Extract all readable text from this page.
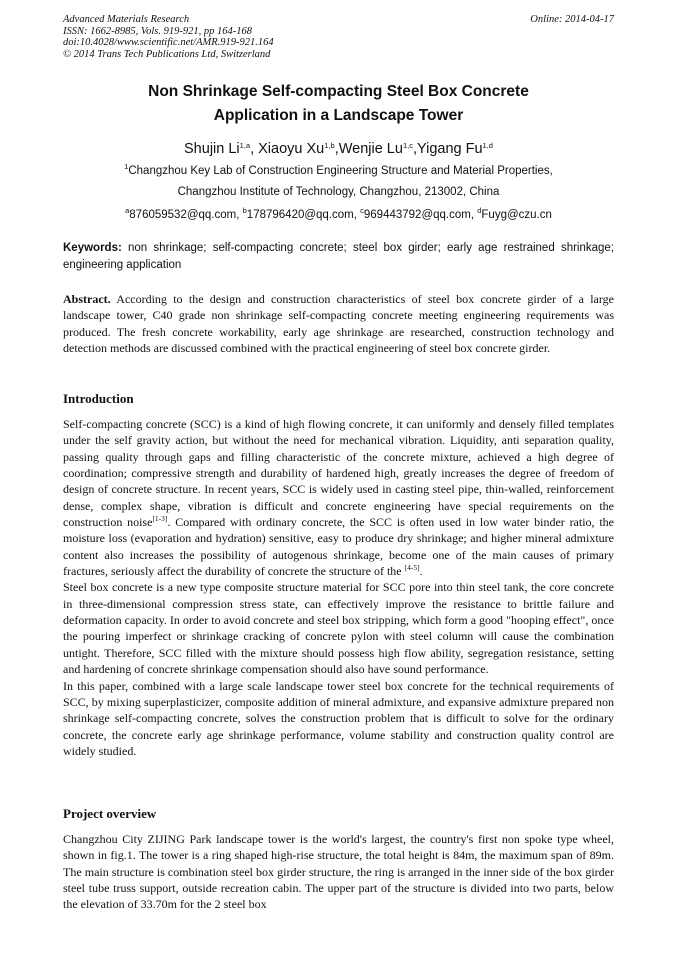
Advanced Materials Research
ISSN: 1662-8985, Vols. 919-921, pp 164-168
doi:10.4028/www.scientific.net/AMR.919-921.164
© 2014 Trans Tech Publications Ltd, Switzerland
Online: 2014-04-17
Non Shrinkage Self-compacting Steel Box Concrete
Application in a Landscape Tower
Shujin Li$^{1,a}$, Xiaoyu Xu$^{1,b}$,Wenjie Lu$^{1,c}$,Yigang Fu$^{1,d}$
$^1$Changzhou Key Lab of Construction Engineering Structure and Material Properties,
Changzhou Institute of Technology, Changzhou, 213002, China
$^a$876059532@qq.com, $^b$178796420@qq.com, $^c$969443792@qq.com, $^d$Fuyg@czu.cn
Keywords: non shrinkage; self-compacting concrete; steel box girder; early age restrained shrinkage; engineering application
Abstract. According to the design and construction characteristics of steel box concrete girder of a large landscape tower, C40 grade non shrinkage self-compacting concrete meeting engineering requirements was produced. The fresh concrete workability, early age shrinkage are researched, construction technology and detection methods are discussed combined with the practical engineering of steel box concrete girder.
Introduction

Self-compacting concrete (SCC) is a kind of high flowing concrete, it can uniformly and densely filled templates under the self gravity action, but without the need for mechanical vibration. Liquidity, anti separation quality, passing quality through gaps and filling characteristic of the concrete mixture, achieved a high degree of coordination; compressive strength and durability of hardened high, greatly increases the degree of freedom of design of concrete structure. In recent years, SCC is widely used in casting steel pipe, thin-walled, reinforcement dense, complex shape, vibration is difficult and concrete engineering have special requirements on the construction noise[1-3]. Compared with ordinary concrete, the SCC is often used in low water binder ratio, the moisture loss (evaporation and hydration) sensitive, easy to produce dry shrinkage; and higher mineral admixture content also increases the possibility of autogenous shrinkage, become one of the main causes of primary fractures, seriously affect the durability of concrete the structure of the [4-5].

Steel box concrete is a new type composite structure material for SCC pore into thin steel tank, the core concrete in three-dimensional compression stress state, can effectively improve the resistance to brittle failure and deformation capacity. In order to avoid concrete and steel box stripping, which form a good "hooping effect", once the pouring imperfect or shrinkage cracking of concrete pylon with steel column will cause the combination untight. Therefore, SCC filled with the mixture should possess high flow ability, segregation resistance, setting and hardening of concrete shrinkage compensation should also have sound performance.

In this paper, combined with a large scale landscape tower steel box concrete for the technical requirements of SCC, by mixing superplasticizer, composite addition of mineral admixture, and expansive admixture prepared non shrinkage self-compacting concrete, solves the construction problem that is difficult to solve for the ordinary concrete, the concrete early age shrinkage performance, volume stability and construction quality control are widely studied.

Project overview

Changzhou City ZIJING Park landscape tower is the world's largest, the country's first non spoke type wheel, shown in fig.1. The tower is a ring shaped high-rise structure, the total height is 84m, the maximum span of 89m. The main structure is combination steel box girder structure, the ring is arranged in the inner side of the box girder steel tube truss support, outside recreation cabin. The upper part of the structure is divided into two parts, below the elevation of 33.70m for the 2 steel box
